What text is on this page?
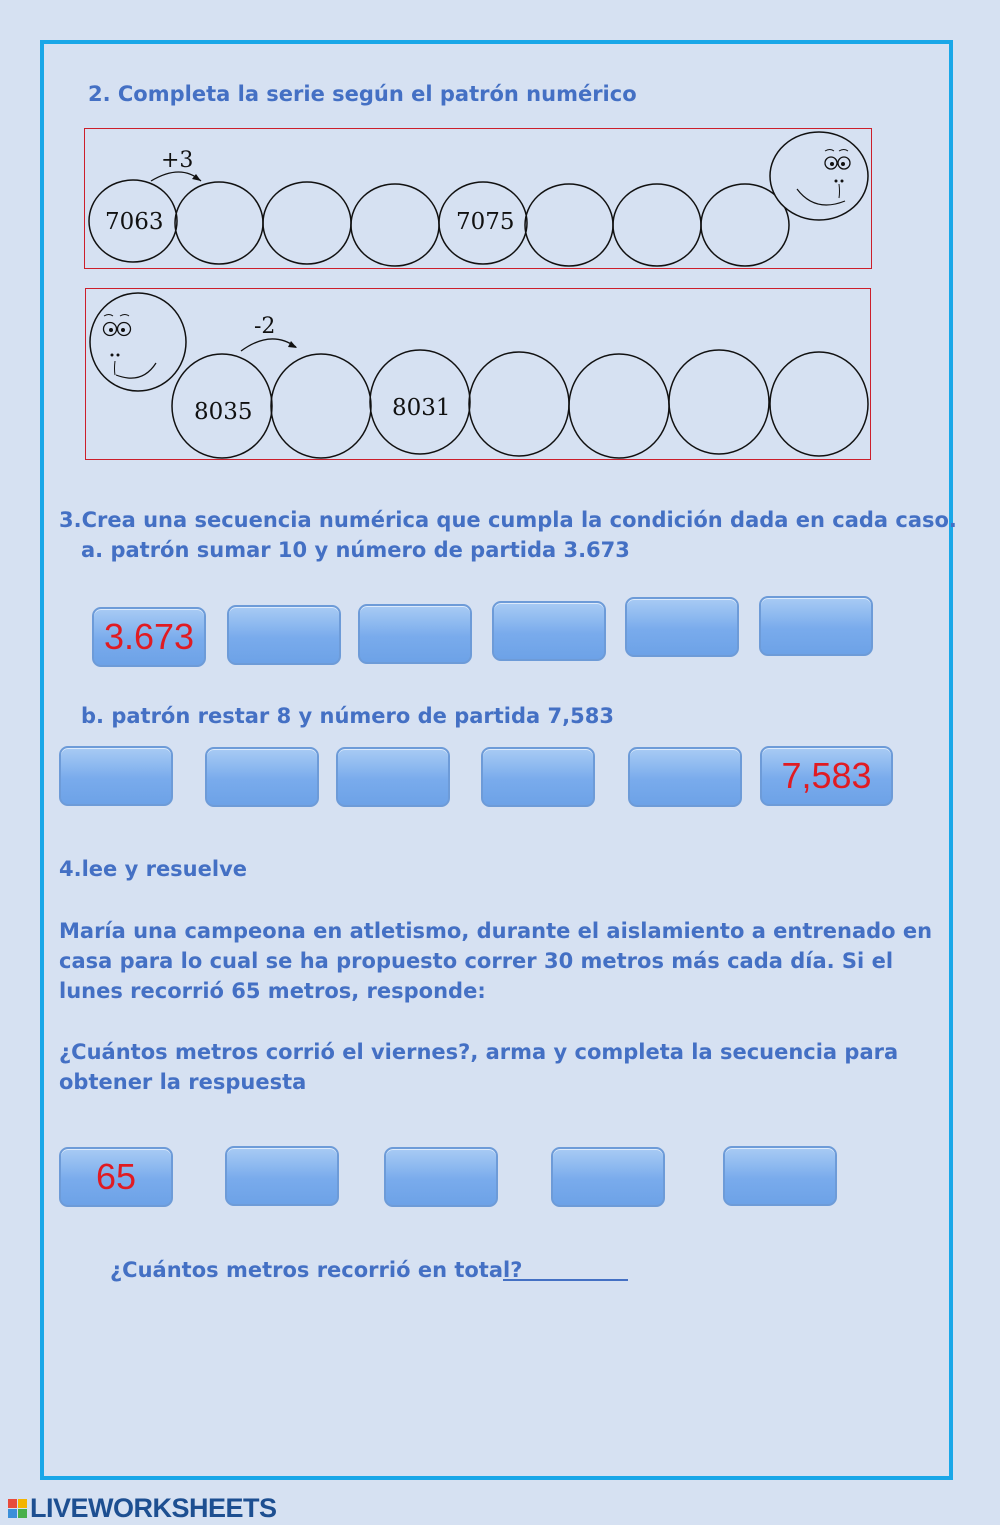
2. Completa la serie según el patrón numérico
+3
7063	7075
-2
8035	8031
3.Crea una secuencia numérica que cumpla la condición dada en cada caso.
a. patrón sumar 10 y número de partida 3.673
3.673
b. patrón restar 8 y número de partida 7,583
7,583
4.lee y resuelve
María una campeona en atletismo, durante el aislamiento a entrenado en casa para lo cual se ha propuesto correr 30 metros más cada día. Si el lunes recorrió 65 metros, responde:
¿Cuántos metros corrió el viernes?, arma y completa la secuencia para obtener la respuesta
65
¿Cuántos metros recorrió en total?
LIVEWORKSHEETS
